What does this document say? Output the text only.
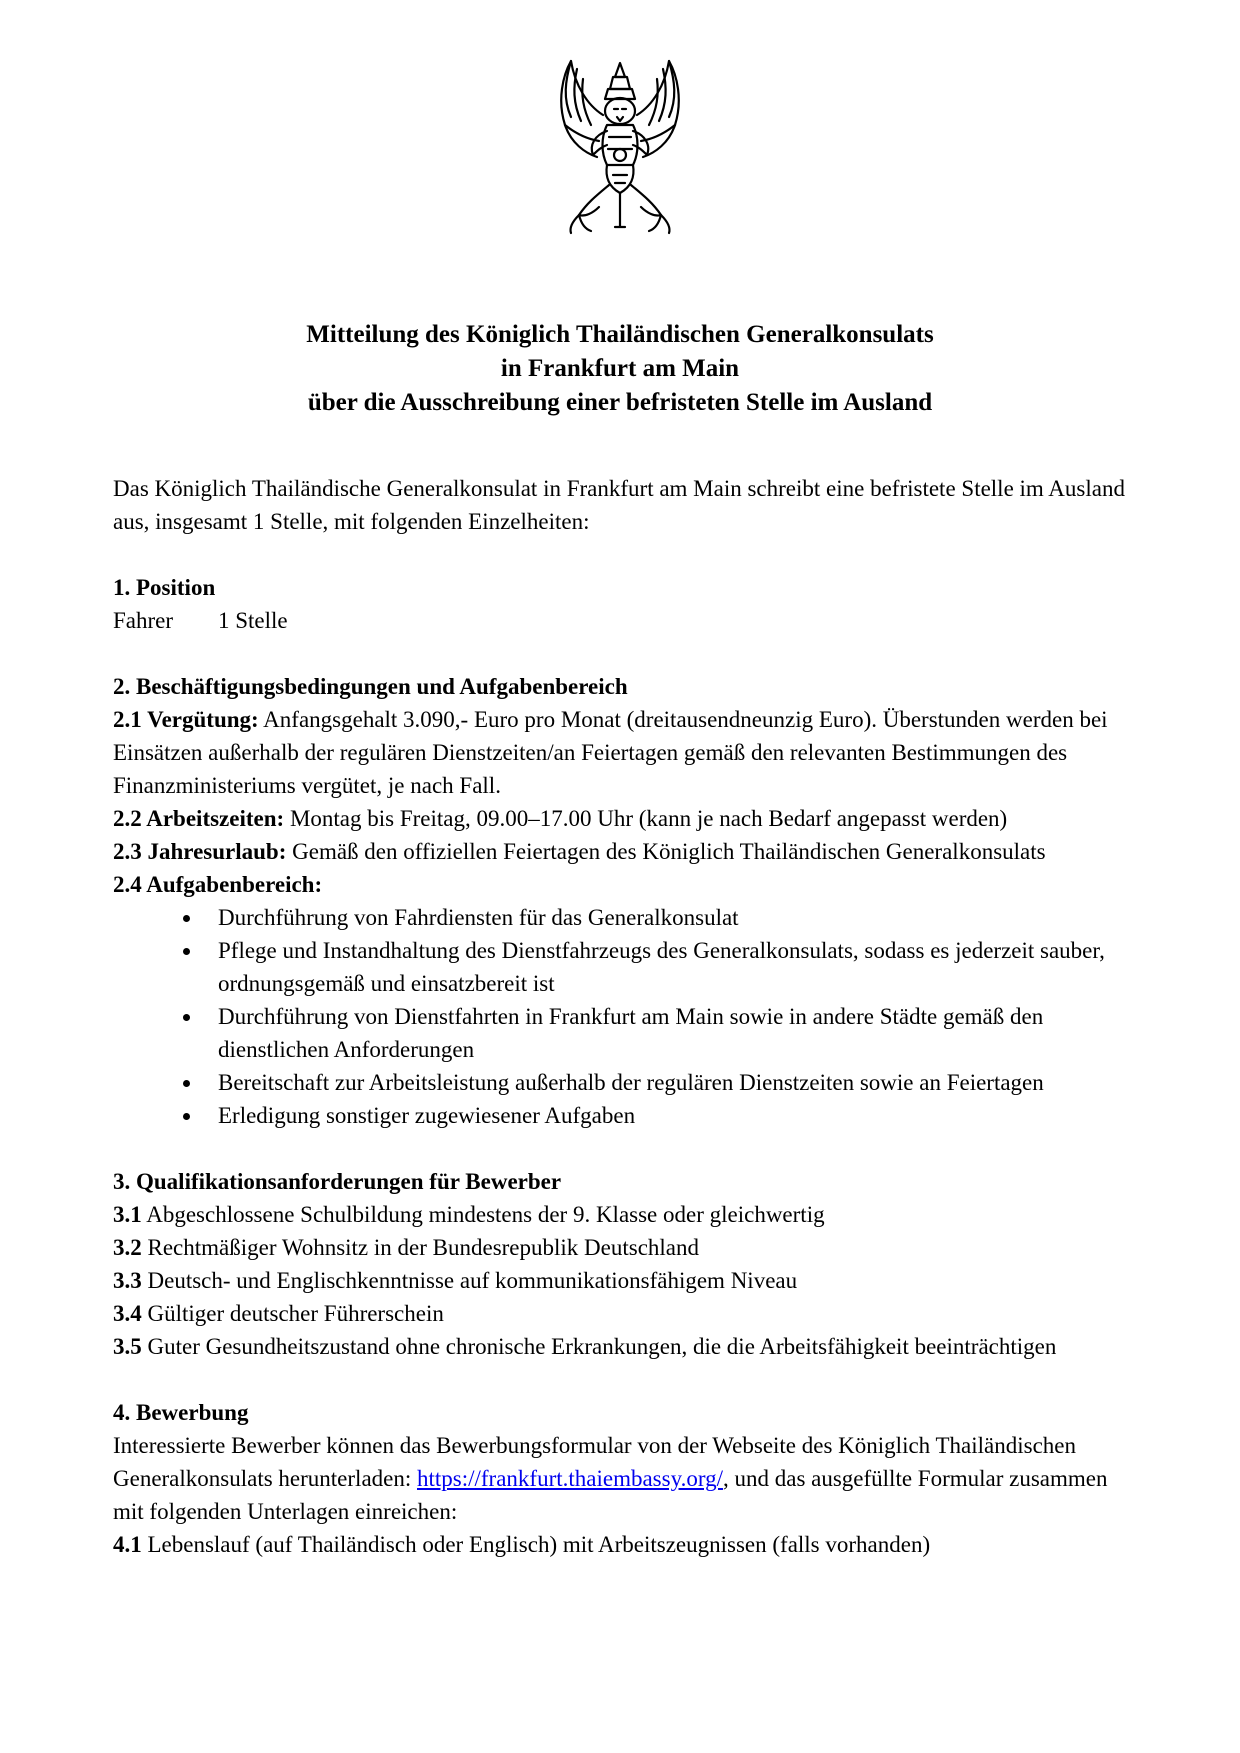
Mitteilung des Königlich Thailändischen Generalkonsulats
in Frankfurt am Main
über die Ausschreibung einer befristeten Stelle im Ausland

Das Königlich Thailändische Generalkonsulat in Frankfurt am Main schreibt eine befristete Stelle im Ausland aus, insgesamt 1 Stelle, mit folgenden Einzelheiten:

1. Position

Fahrer	1 Stelle

2. Beschäftigungsbedingungen und Aufgabenbereich

2.1 Vergütung: Anfangsgehalt 3.090,- Euro pro Monat (dreitausendneunzig Euro). Überstunden werden bei Einsätzen außerhalb der regulären Dienstzeiten/an Feiertagen gemäß den relevanten Bestimmungen des Finanzministeriums vergütet, je nach Fall.

2.2 Arbeitszeiten: Montag bis Freitag, 09.00–17.00 Uhr (kann je nach Bedarf angepasst werden)

2.3 Jahresurlaub: Gemäß den offiziellen Feiertagen des Königlich Thailändischen Generalkonsulats

2.4 Aufgabenbereich:

Durchführung von Fahrdiensten für das Generalkonsulat
Pflege und Instandhaltung des Dienstfahrzeugs des Generalkonsulats, sodass es jederzeit sauber, ordnungsgemäß und einsatzbereit ist
Durchführung von Dienstfahrten in Frankfurt am Main sowie in andere Städte gemäß den dienstlichen Anforderungen
Bereitschaft zur Arbeitsleistung außerhalb der regulären Dienstzeiten sowie an Feiertagen
Erledigung sonstiger zugewiesener Aufgaben

3. Qualifikationsanforderungen für Bewerber

3.1 Abgeschlossene Schulbildung mindestens der 9. Klasse oder gleichwertig

3.2 Rechtmäßiger Wohnsitz in der Bundesrepublik Deutschland

3.3 Deutsch- und Englischkenntnisse auf kommunikationsfähigem Niveau

3.4 Gültiger deutscher Führerschein

3.5 Guter Gesundheitszustand ohne chronische Erkrankungen, die die Arbeitsfähigkeit beeinträchtigen

4. Bewerbung

Interessierte Bewerber können das Bewerbungsformular von der Webseite des Königlich Thailändischen Generalkonsulats herunterladen: https://frankfurt.thaiembassy.org/, und das ausgefüllte Formular zusammen mit folgenden Unterlagen einreichen:

4.1 Lebenslauf (auf Thailändisch oder Englisch) mit Arbeitszeugnissen (falls vorhanden)
